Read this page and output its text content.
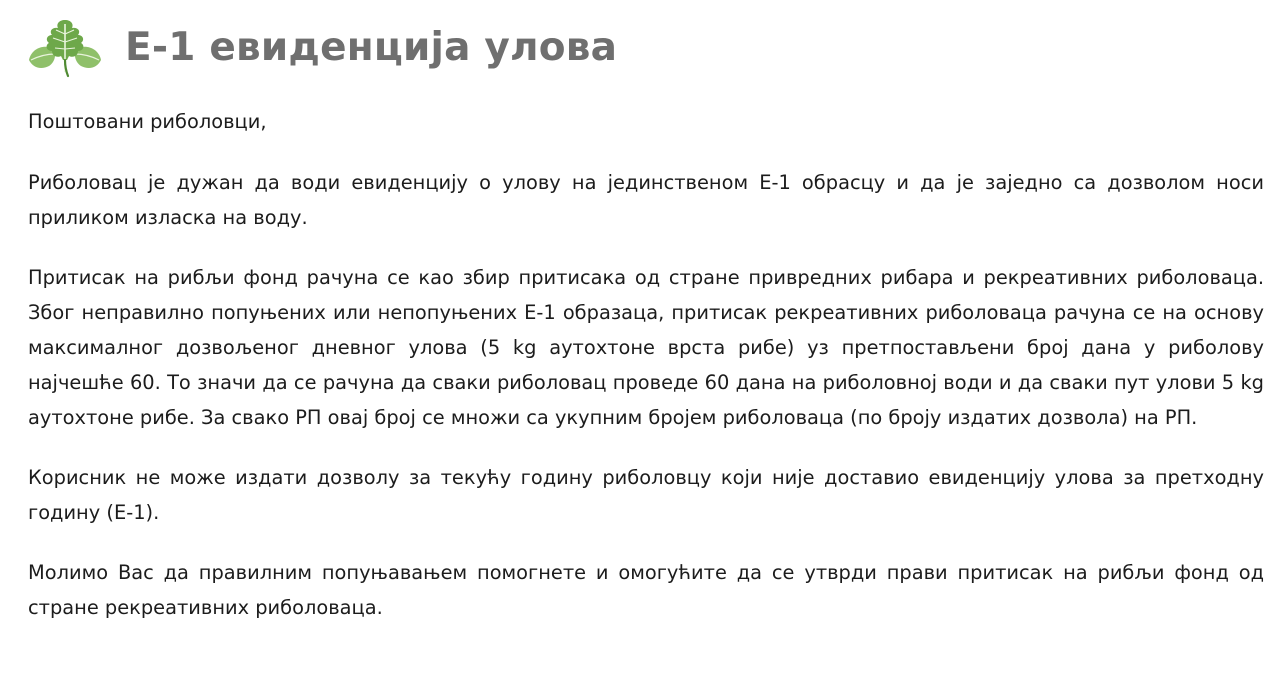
Е-1 евиденција улова

Поштовани риболовци,

Риболовац је дужан да води евиденцију о улову на јединственом Е-1 обрасцу и да је заједно са дозволом носи приликом изласка на воду.

Притисак на рибљи фонд рачуна се као збир притисака од стране привредних рибара и рекреативних риболоваца. Због неправилно попуњених или непопуњених Е-1 образаца, притисак рекреативних риболоваца рачуна се на основу максималног дозвољеног дневног улова (5 kg аутохтоне врста рибе) уз претпостављени број дана у риболову најчешће 60. То значи да се рачуна да сваки риболовац проведе 60 дана на риболовној води и да сваки пут улови 5 kg аутохтоне рибе. За свако РП овај број се множи са укупним бројем риболоваца (по броју издатих дозвола) на РП.

Корисник не може издати дозволу за текућу годину риболовцу који није доставио евиденцију улова за претходну годину (Е-1).

Молимо Вас да правилним попуњавањем помогнете и омогућите да се утврди прави притисак на рибљи фонд од стране рекреативних риболоваца.
